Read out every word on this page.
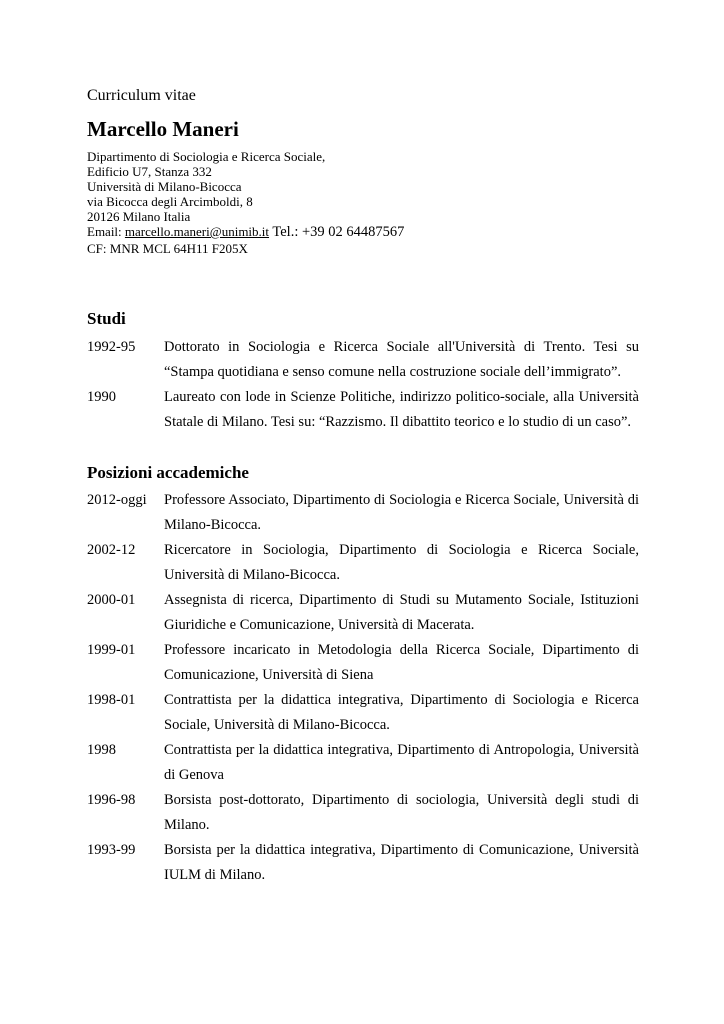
Curriculum vitae
Marcello Maneri
Dipartimento di Sociologia e Ricerca Sociale,
Edificio U7, Stanza 332
Università di Milano-Bicocca
via Bicocca degli Arcimboldi, 8
20126 Milano Italia
Email: marcello.maneri@unimib.it Tel.: +39 02 64487567
CF: MNR MCL 64H11 F205X
Studi
1992-95	Dottorato in Sociologia e Ricerca Sociale all'Università di Trento. Tesi su “Stampa quotidiana e senso comune nella costruzione sociale dell’immigrato”.
1990	Laureato con lode in Scienze Politiche, indirizzo politico-sociale, alla Università Statale di Milano. Tesi su: “Razzismo. Il dibattito teorico e lo studio di un caso”.
Posizioni accademiche
2012-oggi	Professore Associato, Dipartimento di Sociologia e Ricerca Sociale, Università di Milano-Bicocca.
2002-12	Ricercatore in Sociologia, Dipartimento di Sociologia e Ricerca Sociale, Università di Milano-Bicocca.
2000-01	Assegnista di ricerca, Dipartimento di Studi su Mutamento Sociale, Istituzioni Giuridiche e Comunicazione, Università di Macerata.
1999-01	Professore incaricato in Metodologia della Ricerca Sociale, Dipartimento di Comunicazione, Università di Siena
1998-01	Contrattista per la didattica integrativa, Dipartimento di Sociologia e Ricerca Sociale, Università di Milano-Bicocca.
1998	Contrattista per la didattica integrativa, Dipartimento di Antropologia, Università di Genova
1996-98	Borsista post-dottorato, Dipartimento di sociologia, Università degli studi di Milano.
1993-99	Borsista per la didattica integrativa, Dipartimento di Comunicazione, Università IULM di Milano.
